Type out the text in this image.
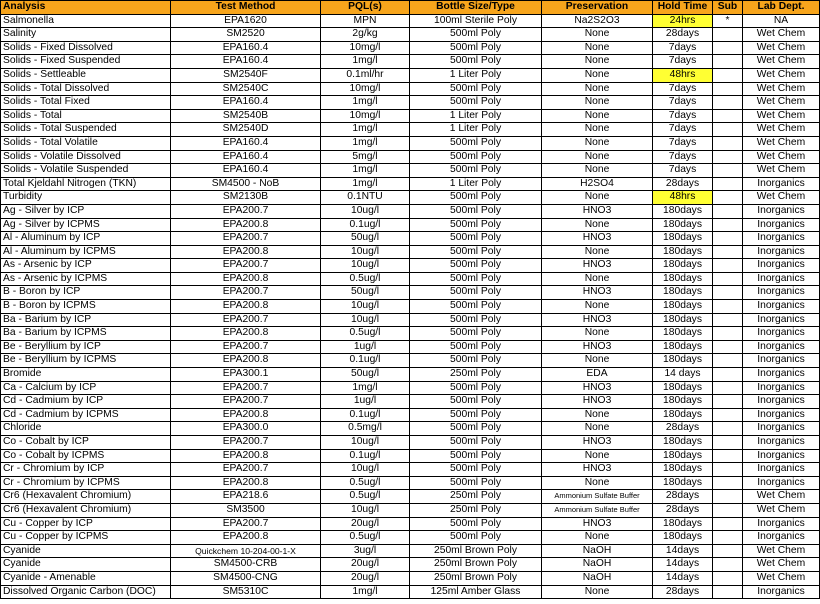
Analysis	Test Method	PQL(s)	Bottle Size/Type	Preservation	Hold Time	Sub	Lab Dept.
Salmonella	EPA1620	MPN	100ml Sterile Poly	Na2S2O3	24hrs	*	NA
Salinity	SM2520	2g/kg	500ml Poly	None	28days		Wet Chem
Solids - Fixed Dissolved	EPA160.4	10mg/l	500ml Poly	None	7days		Wet Chem
Solids - Fixed Suspended	EPA160.4	1mg/l	500ml Poly	None	7days		Wet Chem
Solids - Settleable	SM2540F	0.1ml/hr	1 Liter Poly	None	48hrs		Wet Chem
Solids - Total Dissolved	SM2540C	10mg/l	500ml Poly	None	7days		Wet Chem
Solids - Total Fixed	EPA160.4	1mg/l	500ml Poly	None	7days		Wet Chem
Solids - Total	SM2540B	10mg/l	1 Liter Poly	None	7days		Wet Chem
Solids - Total Suspended	SM2540D	1mg/l	1 Liter Poly	None	7days		Wet Chem
Solids - Total Volatile	EPA160.4	1mg/l	500ml Poly	None	7days		Wet Chem
Solids - Volatile Dissolved	EPA160.4	5mg/l	500ml Poly	None	7days		Wet Chem
Solids - Volatile Suspended	EPA160.4	1mg/l	500ml Poly	None	7days		Wet Chem
Total Kjeldahl Nitrogen (TKN)	SM4500 - NoB	1mg/l	1 Liter Poly	H2SO4	28days		Inorganics
Turbidity	SM2130B	0.1NTU	500ml Poly	None	48hrs		Wet Chem
Ag - Silver by ICP	EPA200.7	10ug/l	500ml Poly	HNO3	180days		Inorganics
Ag - Silver by ICPMS	EPA200.8	0.1ug/l	500ml Poly	None	180days		Inorganics
Al - Aluminum by ICP	EPA200.7	50ug/l	500ml Poly	HNO3	180days		Inorganics
Al - Aluminum by ICPMS	EPA200.8	10ug/l	500ml Poly	None	180days		Inorganics
As - Arsenic by ICP	EPA200.7	10ug/l	500ml Poly	HNO3	180days		Inorganics
As - Arsenic by ICPMS	EPA200.8	0.5ug/l	500ml Poly	None	180days		Inorganics
B - Boron by ICP	EPA200.7	50ug/l	500ml Poly	HNO3	180days		Inorganics
B - Boron by ICPMS	EPA200.8	10ug/l	500ml Poly	None	180days		Inorganics
Ba - Barium by ICP	EPA200.7	10ug/l	500ml Poly	HNO3	180days		Inorganics
Ba - Barium by ICPMS	EPA200.8	0.5ug/l	500ml Poly	None	180days		Inorganics
Be - Beryllium by ICP	EPA200.7	1ug/l	500ml Poly	HNO3	180days		Inorganics
Be - Beryllium by ICPMS	EPA200.8	0.1ug/l	500ml Poly	None	180days		Inorganics
Bromide	EPA300.1	50ug/l	250ml Poly	EDA	14 days		Inorganics
Ca - Calcium by ICP	EPA200.7	1mg/l	500ml Poly	HNO3	180days		Inorganics
Cd - Cadmium by ICP	EPA200.7	1ug/l	500ml Poly	HNO3	180days		Inorganics
Cd - Cadmium by ICPMS	EPA200.8	0.1ug/l	500ml Poly	None	180days		Inorganics
Chloride	EPA300.0	0.5mg/l	500ml Poly	None	28days		Inorganics
Co - Cobalt by ICP	EPA200.7	10ug/l	500ml Poly	HNO3	180days		Inorganics
Co - Cobalt by ICPMS	EPA200.8	0.1ug/l	500ml Poly	None	180days		Inorganics
Cr - Chromium by ICP	EPA200.7	10ug/l	500ml Poly	HNO3	180days		Inorganics
Cr - Chromium by ICPMS	EPA200.8	0.5ug/l	500ml Poly	None	180days		Inorganics
Cr6 (Hexavalent Chromium)	EPA218.6	0.5ug/l	250ml Poly	Ammonium Sulfate Buffer	28days		Wet Chem
Cr6 (Hexavalent Chromium)	SM3500	10ug/l	250ml Poly	Ammonium Sulfate Buffer	28days		Wet Chem
Cu - Copper by ICP	EPA200.7	20ug/l	500ml Poly	HNO3	180days		Inorganics
Cu - Copper by ICPMS	EPA200.8	0.5ug/l	500ml Poly	None	180days		Inorganics
Cyanide	Quickchem 10-204-00-1-X	3ug/l	250ml Brown Poly	NaOH	14days		Wet Chem
Cyanide	SM4500-CRB	20ug/l	250ml Brown Poly	NaOH	14days		Wet Chem
Cyanide - Amenable	SM4500-CNG	20ug/l	250ml Brown Poly	NaOH	14days		Wet Chem
Dissolved Organic Carbon (DOC)	SM5310C	1mg/l	125ml Amber Glass	None	28days		Inorganics
